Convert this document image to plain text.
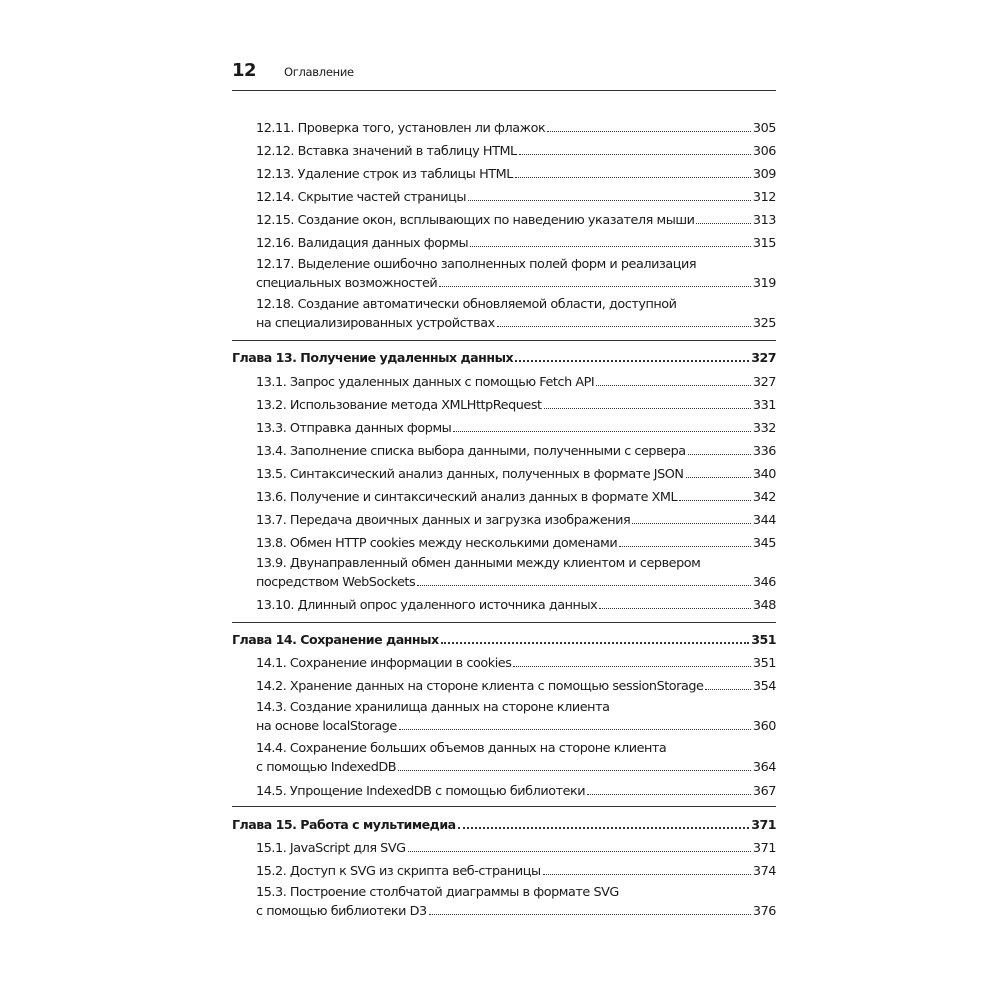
12 Оглавление
12.11. Проверка того, установлен ли флажок	305
12.12. Вставка значений в таблицу HTML	306
12.13. Удаление строк из таблицы HTML	309
12.14. Скрытие частей страницы	312
12.15. Создание окон, всплывающих по наведению указателя мыши	313
12.16. Валидация данных формы	315
12.17. Выделение ошибочно заполненных полей форм и реализация
специальных возможностей	319
12.18. Создание автоматически обновляемой области, доступной
на специализированных устройствах	325
Глава 13. Получение удаленных данных	327
13.1. Запрос удаленных данных с помощью Fetch API	327
13.2. Использование метода XMLHttpRequest	331
13.3. Отправка данных формы	332
13.4. Заполнение списка выбора данными, полученными с сервера	336
13.5. Синтаксический анализ данных, полученных в формате JSON	340
13.6. Получение и синтаксический анализ данных в формате XML	342
13.7. Передача двоичных данных и загрузка изображения	344
13.8. Обмен HTTP cookies между несколькими доменами	345
13.9. Двунаправленный обмен данными между клиентом и сервером
посредством WebSockets	346
13.10. Длинный опрос удаленного источника данных	348
Глава 14. Сохранение данных	351
14.1. Сохранение информации в cookies	351
14.2. Хранение данных на стороне клиента с помощью sessionStorage	354
14.3. Создание хранилища данных на стороне клиента
на основе localStorage	360
14.4. Сохранение больших объемов данных на стороне клиента
с помощью IndexedDB	364
14.5. Упрощение IndexedDB с помощью библиотеки	367
Глава 15. Работа с мультимедиа	371
15.1. JavaScript для SVG	371
15.2. Доступ к SVG из скрипта веб-страницы	374
15.3. Построение столбчатой диаграммы в формате SVG
с помощью библиотеки D3	376
